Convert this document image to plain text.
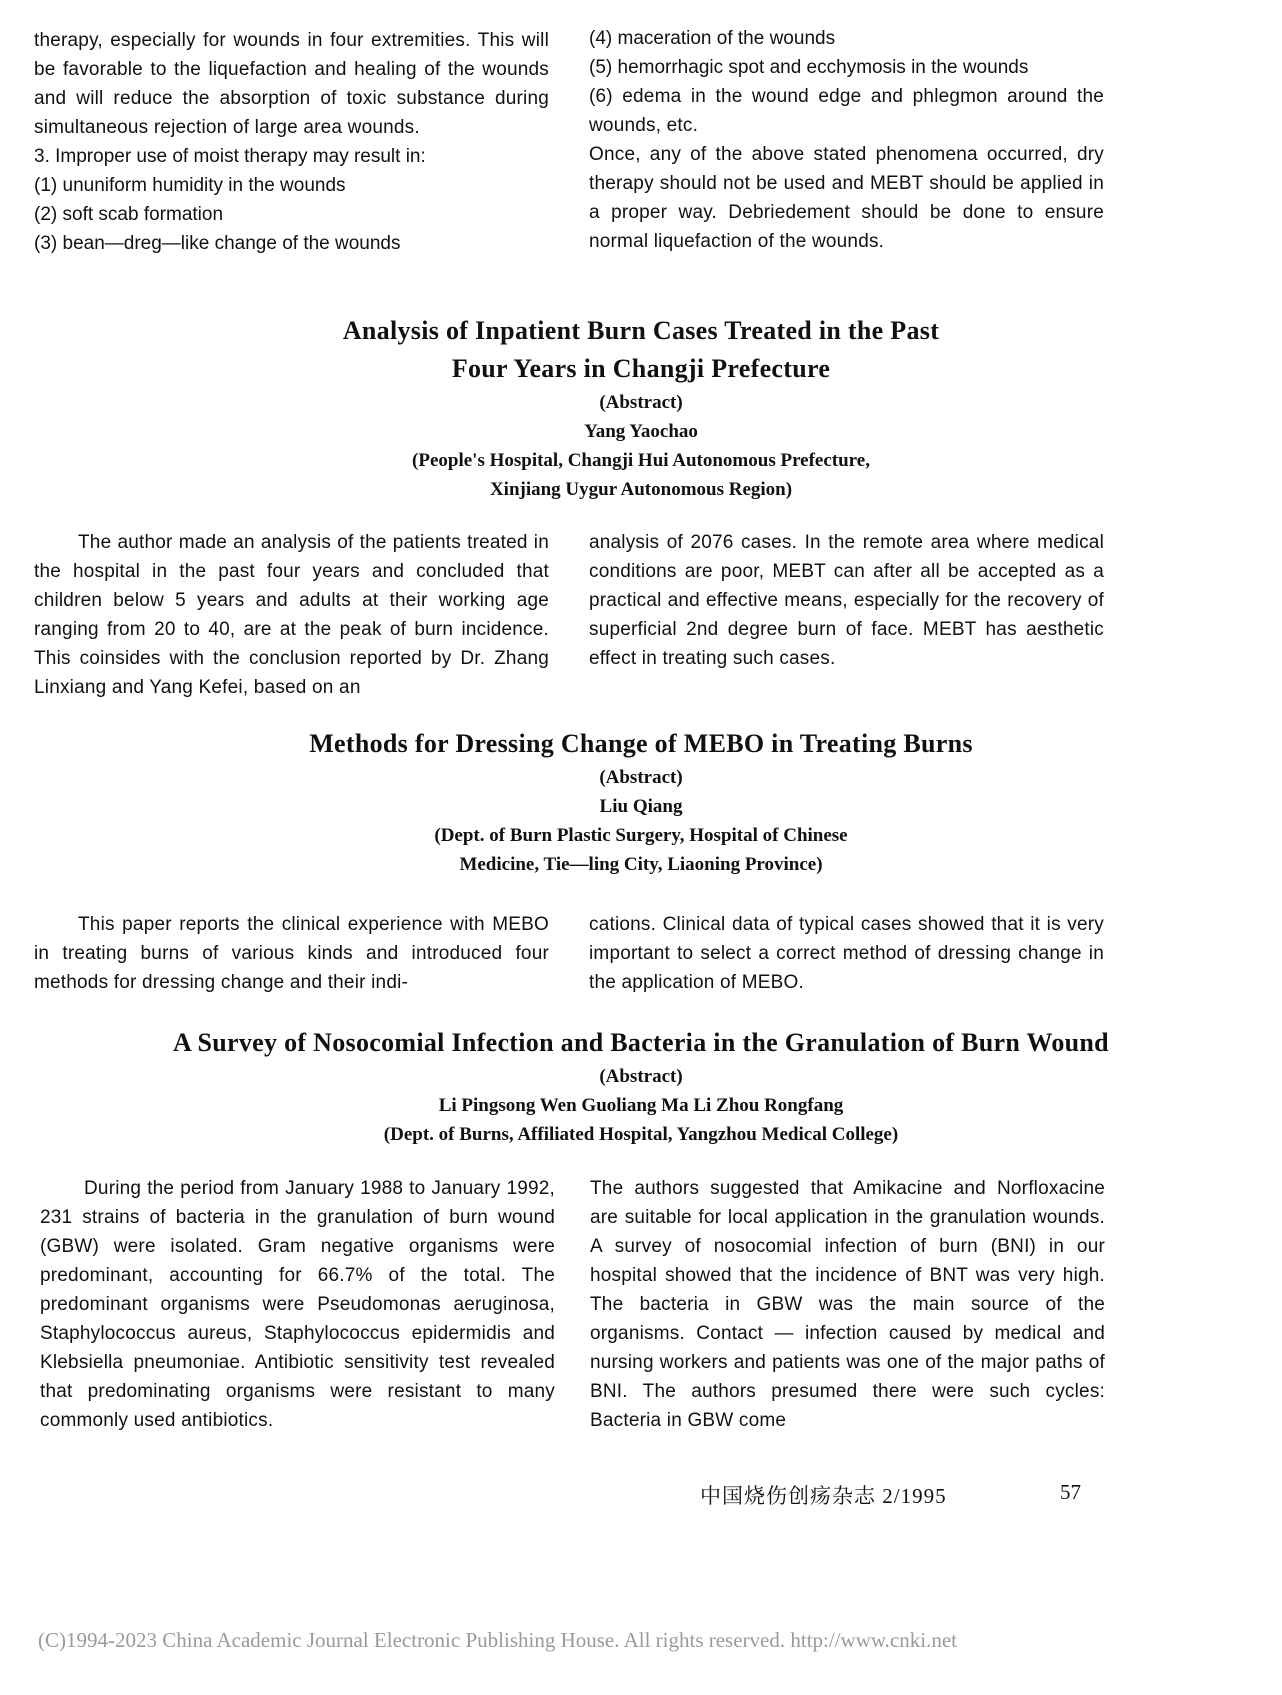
therapy, especially for wounds in four extremities. This will be favorable to the liquefaction and healing of the wounds and will reduce the absorption of toxic substance during simultaneous rejection of large area wounds.

3. Improper use of moist therapy may result in:
(1) ununiform humidity in the wounds
(2) soft scab formation
(3) bean—dreg—like change of the wounds
(4) maceration of the wounds
(5) hemorrhagic spot and ecchymosis in the wounds

(6) edema in the wound edge and phlegmon around the wounds, etc.

Once, any of the above stated phenomena occurred, dry therapy should not be used and MEBT should be applied in a proper way. Debriedement should be done to ensure normal liquefaction of the wounds.

Analysis of Inpatient Burn Cases Treated in the Past

Four Years in Changji Prefecture

(Abstract)

Yang Yaochao

(People's Hospital, Changji Hui Autonomous Prefecture,

Xinjiang Uygur Autonomous Region)

The author made an analysis of the patients treated in the hospital in the past four years and concluded that children below 5 years and adults at their working age ranging from 20 to 40, are at the peak of burn incidence. This coinsides with the conclusion reported by Dr. Zhang Linxiang and Yang Kefei, based on an

analysis of 2076 cases. In the remote area where medical conditions are poor, MEBT can after all be accepted as a practical and effective means, especially for the recovery of superficial 2nd degree burn of face. MEBT has aesthetic effect in treating such cases.

Methods for Dressing Change of MEBO in Treating Burns

(Abstract)

Liu Qiang

(Dept. of Burn Plastic Surgery, Hospital of Chinese

Medicine, Tie—ling City, Liaoning Province)

This paper reports the clinical experience with MEBO in treating burns of various kinds and introduced four methods for dressing change and their indi-

cations. Clinical data of typical cases showed that it is very important to select a correct method of dressing change in the application of MEBO.

A Survey of Nosocomial Infection and Bacteria in the Granulation of Burn Wound

(Abstract)

Li Pingsong Wen Guoliang Ma Li Zhou Rongfang

(Dept. of Burns, Affiliated Hospital, Yangzhou Medical College)

During the period from January 1988 to January 1992, 231 strains of bacteria in the granulation of burn wound (GBW) were isolated. Gram negative organisms were predominant, accounting for 66.7% of the total. The predominant organisms were Pseudomonas aeruginosa, Staphylococcus aureus, Staphylococcus epidermidis and Klebsiella pneumoniae. Antibiotic sensitivity test revealed that predominating organisms were resistant to many commonly used antibiotics.

The authors suggested that Amikacine and Norfloxacine are suitable for local application in the granulation wounds. A survey of nosocomial infection of burn (BNI) in our hospital showed that the incidence of BNT was very high. The bacteria in GBW was the main source of the organisms. Contact — infection caused by medical and nursing workers and patients was one of the major paths of BNI. The authors presumed there were such cycles: Bacteria in GBW come

中国烧伤创疡杂志 2/1995	57
(C)1994-2023 China Academic Journal Electronic Publishing House. All rights reserved. http://www.cnki.net
